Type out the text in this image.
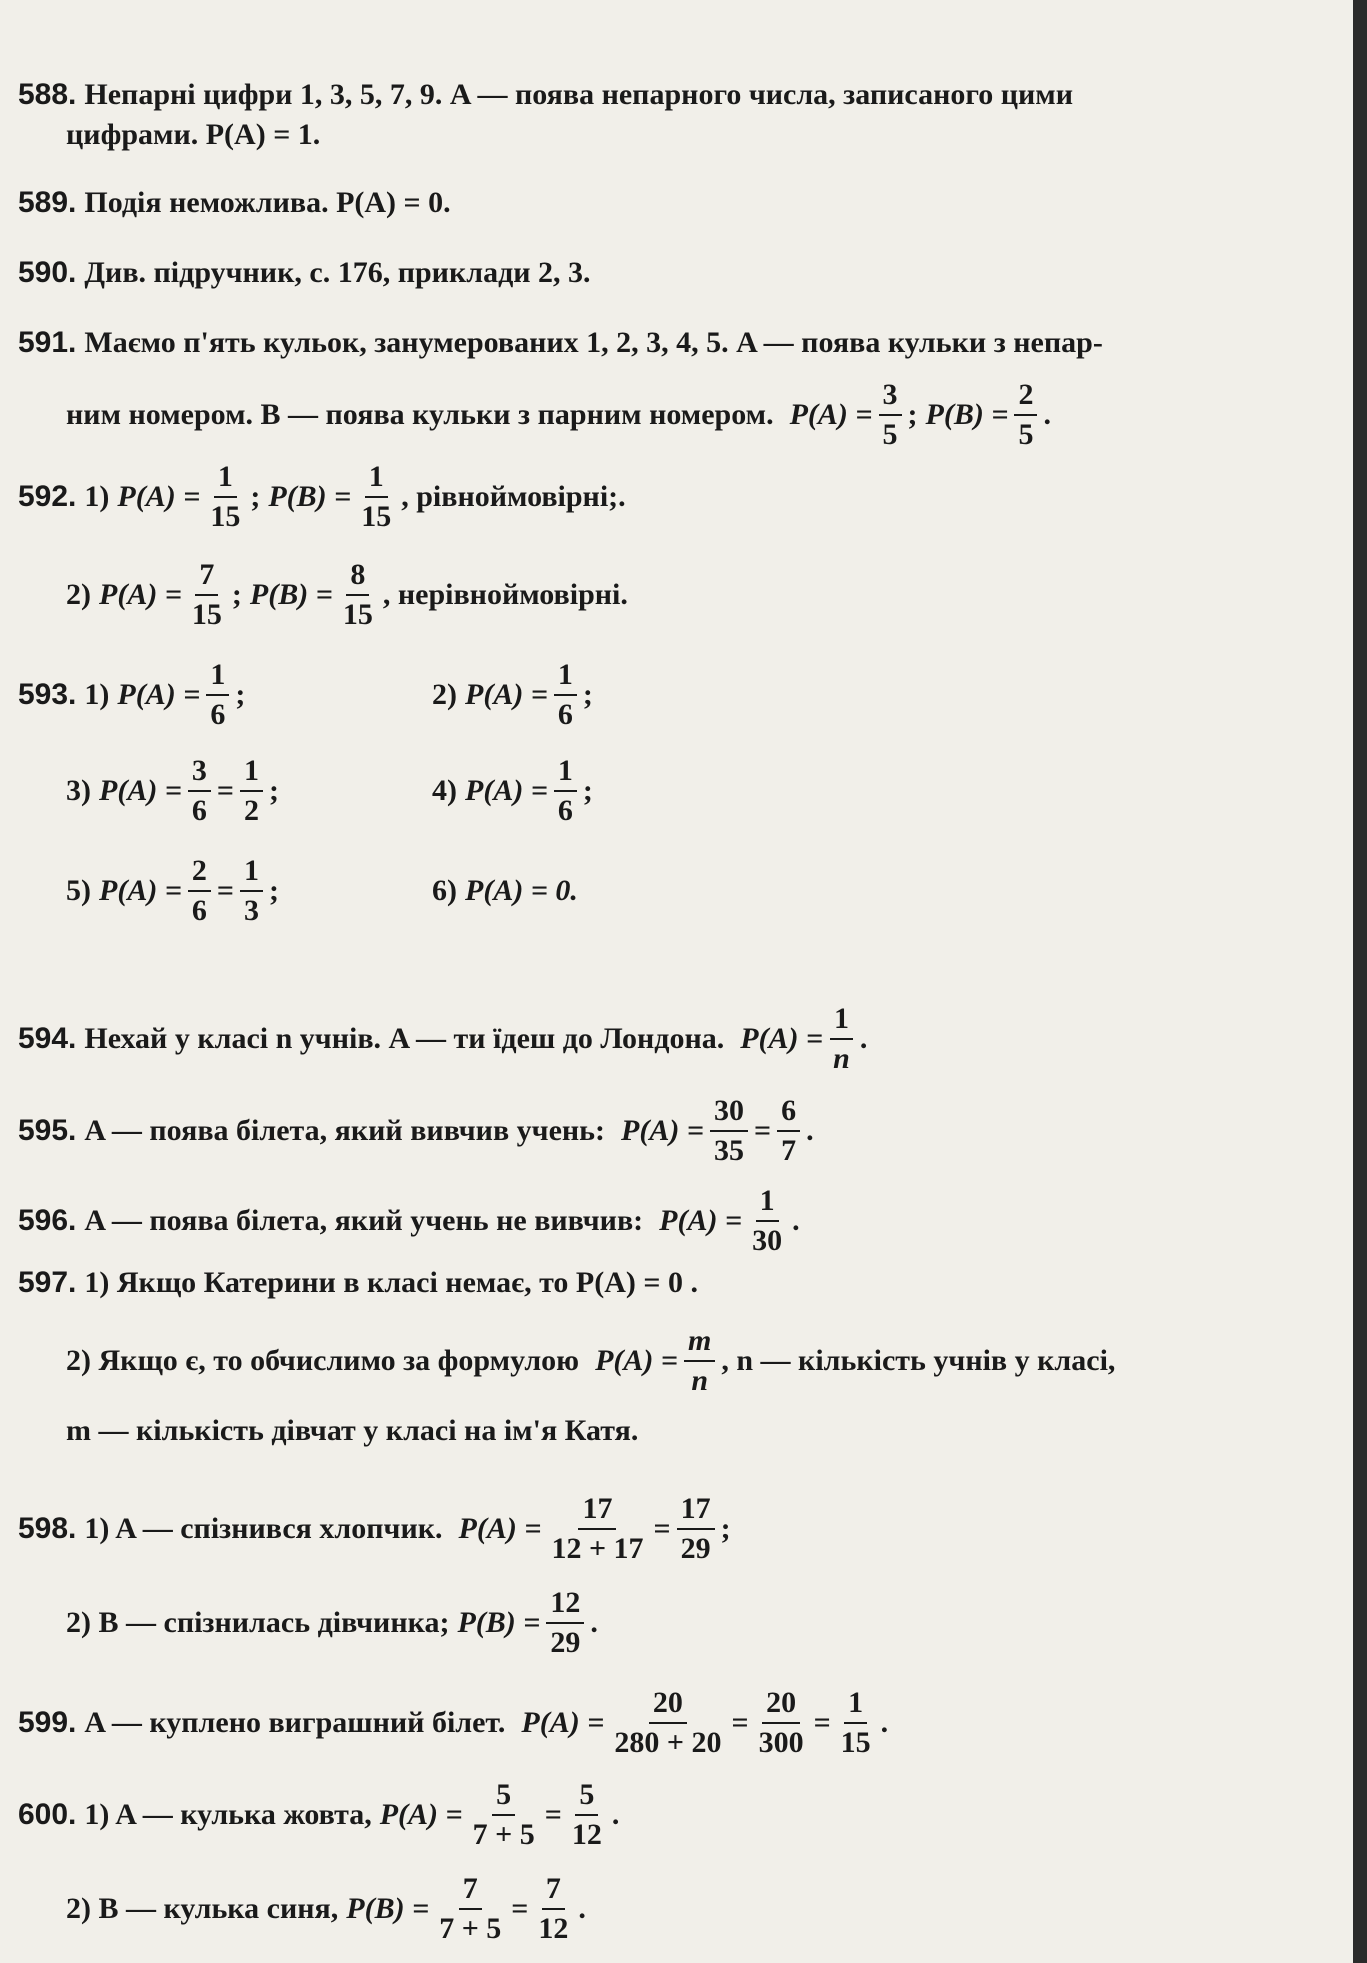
588. Непарні цифри 1, 3, 5, 7, 9. A — поява непарного числа, записаного цими
цифрами. P(A) = 1.
589. Подія неможлива. P(A) = 0.
590. Див. підручник, с. 176, приклади 2, 3.
591. Маємо п'ять кульок, занумерованих 1, 2, 3, 4, 5. A — поява кульки з непар-
ним номером. B — поява кульки з парним номером. $P(A) = \frac{3}{5}$ ; $P(B) = \frac{2}{5}$ .
592. 1) $P(A) = \frac{1}{15}$ ; $P(B) = \frac{1}{15}$ , рівноймовірні;.
2) $P(A) = \frac{7}{15}$ ; $P(B) = \frac{8}{15}$ , нерівноймовірні.
593. 1) $P(A) = \frac{1}{6}$ ;	2) $P(A) = \frac{1}{6}$ ;
3) $P(A) = \frac{3}{6} = \frac{1}{2}$ ;	4) $P(A) = \frac{1}{6}$ ;
5) $P(A) = \frac{2}{6} = \frac{1}{3}$ ;	6) P(A) = 0.
594. Нехай у класі n учнів. A — ти їдеш до Лондона. $P(A) = \frac{1}{n}$ .
595. A — поява білета, який вивчив учень: $P(A) = \frac{30}{35} = \frac{6}{7}$ .
596. A — поява білета, який учень не вивчив: $P(A) = \frac{1}{30}$ .
597. 1) Якщо Катерини в класі немає, то P(A) = 0 .
2) Якщо є, то обчислимо за формулою $P(A) = \frac{m}{n}$ , n — кількість учнів у класі,
m — кількість дівчат у класі на ім'я Катя.
598. 1) A — спізнився хлопчик. $P(A) = \frac{17}{12 + 17} = \frac{17}{29}$ ;
2) B — спізнилась дівчинка; $P(B) = \frac{12}{29}$ .
599. A — куплено виграшний білет. $P(A) = \frac{20}{280 + 20} = \frac{20}{300} = \frac{1}{15}$ .
600. 1) A — кулька жовта, $P(A) = \frac{5}{7 + 5} = \frac{5}{12}$ .
2) B — кулька синя, $P(B) = \frac{7}{7 + 5} = \frac{7}{12}$ .
